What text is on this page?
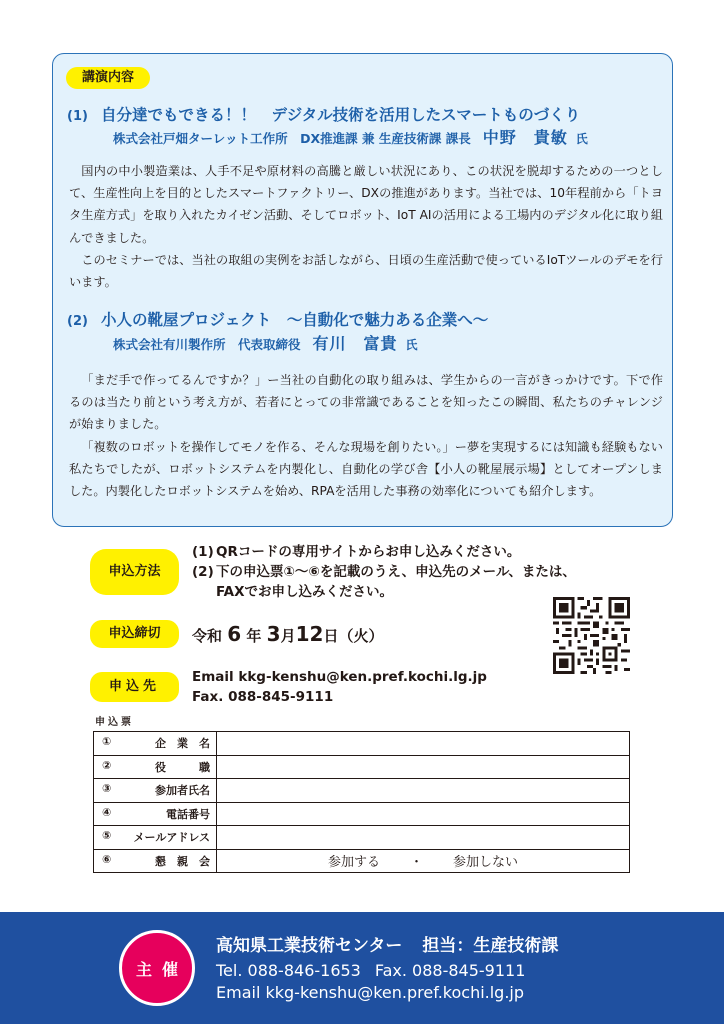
講演内容
(1) 自分達でもできる！！　デジタル技術を活用したスマートものづくり
株式会社戸畑ターレット工作所　DX推進課 兼 生産技術課 課長 中野　貴敏 氏

国内の中小製造業は、人手不足や原材料の高騰と厳しい状況にあり、この状況を脱却するための一つとして、生産性向上を目的としたスマートファクトリー、DXの推進があります。当社では、10年程前から「トヨタ生産方式」を取り入れたカイゼン活動、そしてロボット、IoT AIの活用による工場内のデジタル化に取り組んできました。

このセミナーでは、当社の取組の実例をお話しながら、日頃の生産活動で使っているIoTツールのデモを行います。

(2) 小人の靴屋プロジェクト　～自動化で魅力ある企業へ～
株式会社有川製作所　代表取締役 有川　富貴 氏

「まだ手で作ってるんですか？」ー当社の自動化の取り組みは、学生からの一言がきっかけです。下で作るのは当たり前という考え方が、若者にとっての非常識であることを知ったこの瞬間、私たちのチャレンジが始まりました。

「複数のロボットを操作してモノを作る、そんな現場を創りたい。」ー夢を実現するには知識も経験もない私たちでしたが、ロボットシステムを内製化し、自動化の学び舎【小人の靴屋展示場】としてオープンしました。内製化したロボットシステムを始め、RPAを活用した事務の効率化についても紹介します。

申込方法
(1) QRコードの専用サイトからお申し込みください。
(2) 下の申込票①～⑥を記載のうえ、申込先のメール、または、
FAXでお申し込みください。
申込締切	令和 6 年 3月12日（火）
申込先
Email kkg-kenshu@ken.pref.kochi.lg.jp
Fax. 088-845-9111
申込票
① 企　業　名	

② 役　　　職	

③ 参加者氏名	

④ 電話番号	

⑤ メールアドレス	

⑥ 懇　親　会	参加する ・ 参加しない
主催
高知県工業技術センター 担当：生産技術課
Tel. 088-846-1653 Fax. 088-845-9111
Email kkg-kenshu@ken.pref.kochi.lg.jp
